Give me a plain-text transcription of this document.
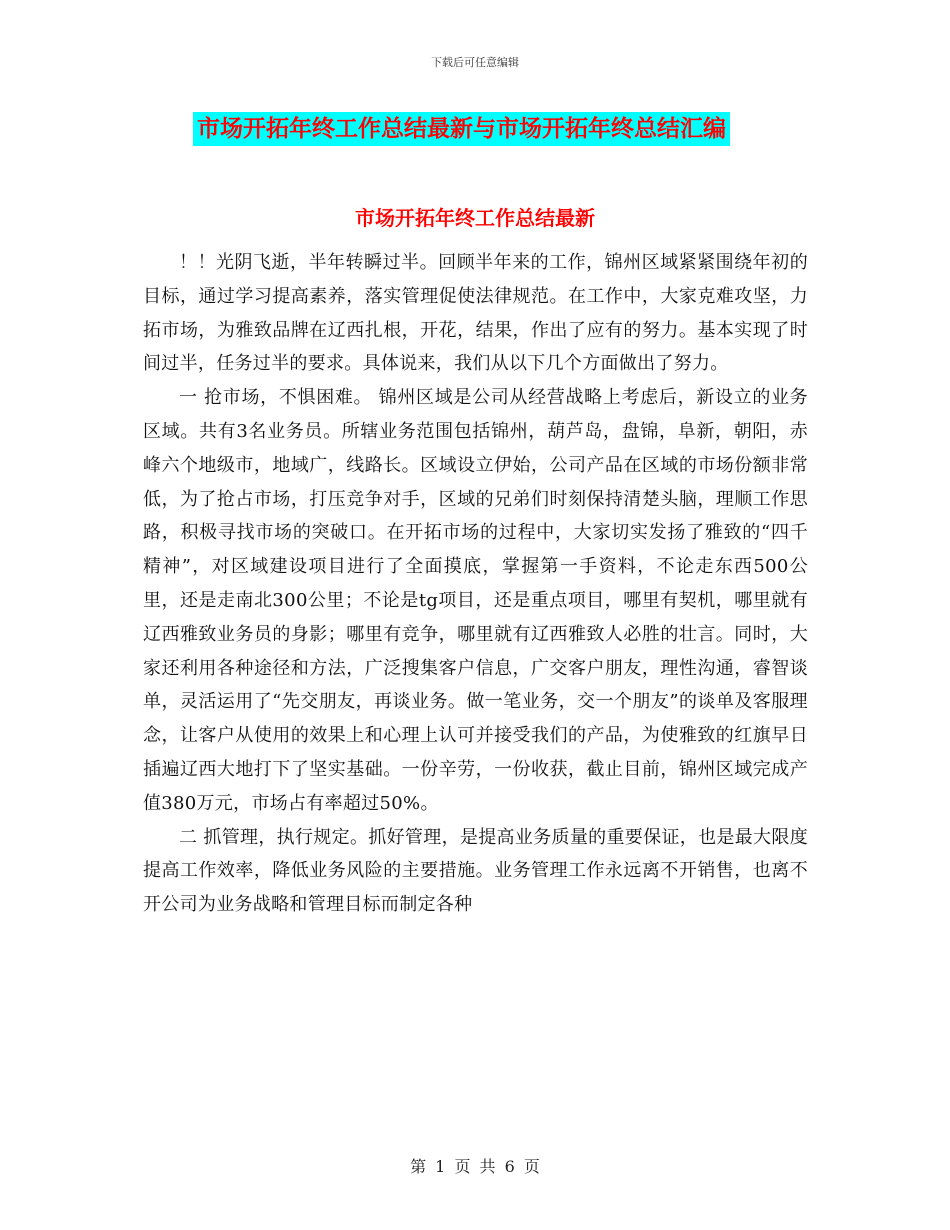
下载后可任意编辑
市场开拓年终工作总结最新与市场开拓年终总结汇编
市场开拓年终工作总结最新

！！光阴飞逝，半年转瞬过半。回顾半年来的工作，锦州区域紧紧围绕年初的目标，通过学习提高素养，落实管理促使法律规范。在工作中，大家克难攻坚，力拓市场，为雅致品牌在辽西扎根，开花，结果，作出了应有的努力。基本实现了时间过半，任务过半的要求。具体说来，我们从以下几个方面做出了努力。

一 抢市场，不惧困难。 锦州区域是公司从经营战略上考虑后，新设立的业务区域。共有3名业务员。所辖业务范围包括锦州，葫芦岛，盘锦，阜新，朝阳，赤峰六个地级市，地域广，线路长。区域设立伊始，公司产品在区域的市场份额非常低，为了抢占市场，打压竞争对手，区域的兄弟们时刻保持清楚头脑，理顺工作思路，积极寻找市场的突破口。在开拓市场的过程中，大家切实发扬了雅致的“四千精神”，对区域建设项目进行了全面摸底，掌握第一手资料，不论走东西500公里，还是走南北300公里；不论是tg项目，还是重点项目，哪里有契机，哪里就有辽西雅致业务员的身影；哪里有竞争，哪里就有辽西雅致人必胜的壮言。同时，大家还利用各种途径和方法，广泛搜集客户信息，广交客户朋友，理性沟通，睿智谈单，灵活运用了“先交朋友，再谈业务。做一笔业务，交一个朋友”的谈单及客服理念，让客户从使用的效果上和心理上认可并接受我们的产品，为使雅致的红旗早日插遍辽西大地打下了坚实基础。一份辛劳，一份收获，截止目前，锦州区域完成产值380万元，市场占有率超过50%。

二 抓管理，执行规定。抓好管理，是提高业务质量的重要保证，也是最大限度提高工作效率，降低业务风险的主要措施。业务管理工作永远离不开销售，也离不开公司为业务战略和管理目标而制定各种

第 1 页 共 6 页
